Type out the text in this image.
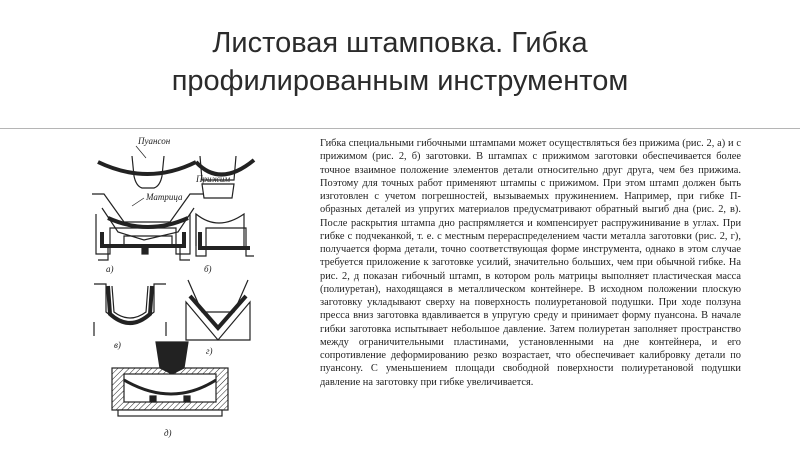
Листовая штамповка. Гибка
профилированным инструментом
Пуансон
Матрица
Прижим
а)	б)
в)
г)
д)

Гибка специальными гибочными штампами может осуществляться без прижима (рис. 2, а) и с прижимом (рис. 2, б) заготовки. В штампах с прижимом заготовки обеспечивается более точное взаимное положение элементов детали относительно друг друга, чем без прижима. Поэтому для точных работ применяют штампы с прижимом. При этом штамп должен быть изготовлен с учетом погрешностей, вызываемых пружинением. Например, при гибке П-образных деталей из упругих материалов предусматривают обратный выгиб дна (рис. 2, в). После раскрытия штампа дно распрямляется и компенсирует распружинивание в углах. При гибке с подчеканкой, т. е. с местным перераспределением части металла заготовки (рис. 2, г), получается форма детали, точно соответствующая форме инструмента, однако в этом случае требуется приложение к заготовке усилий, значительно больших, чем при обычной гибке. На рис. 2, д показан гибочный штамп, в котором роль матрицы выполняет пластическая масса (полиуретан), находящаяся в металлическом контейнере. В исходном положении плоскую заготовку укладывают сверху на поверхность полиуретановой подушки. При ходе ползуна пресса вниз заготовка вдавливается в упругую среду и принимает форму пуансона. В начале гибки заготовка испытывает небольшое давление. Затем полиуретан заполняет пространство между ограничительными пластинами, установленными на дне контейнера, и его сопротивление деформированию резко возрастает, что обеспечивает калибровку детали по пуансону. С уменьшением площади свободной поверхности полиуретановой подушки давление на заготовку при гибке увеличивается.
